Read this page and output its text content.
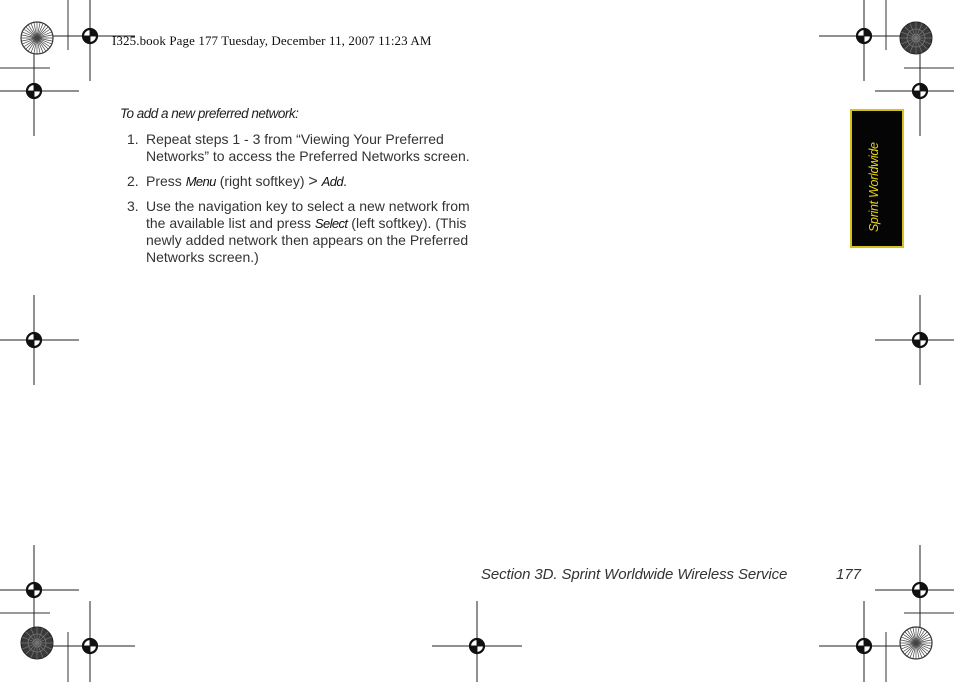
I325.book Page 177 Tuesday, December 11, 2007 11:23 AM

To add a new preferred network:

1. Repeat steps 1 - 3 from “Viewing Your Preferred Networks” to access the Preferred Networks screen.
2. Press Menu (right softkey) > Add.
3. Use the navigation key to select a new network from the available list and press Select (left softkey). (This newly added network then appears on the Preferred Networks screen.)
Sprint Worldwide
Section 3D. Sprint Worldwide Wireless Service	177
